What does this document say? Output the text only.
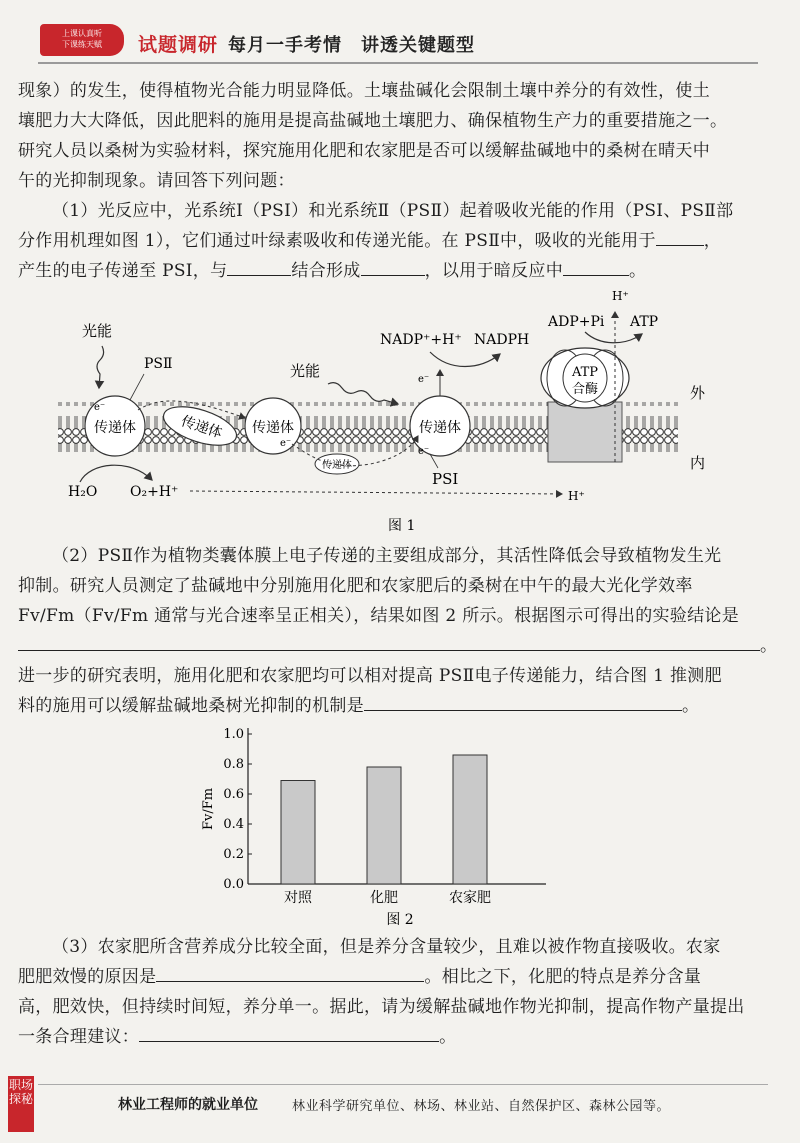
上课认真听
下课练天赋	试题调研 每月一手考情　讲透关键题型
现象）的发生，使得植物光合能力明显降低。土壤盐碱化会限制土壤中养分的有效性，使土
壤肥力大大降低，因此肥料的施用是提高盐碱地土壤肥力、确保植物生产力的重要措施之一。
研究人员以桑树为实验材料，探究施用化肥和农家肥是否可以缓解盐碱地中的桑树在晴天中
午的光抑制现象。请回答下列问题：
（1）光反应中，光系统Ⅰ（PSⅠ）和光系统Ⅱ（PSⅡ）起着吸收光能的作用（PSⅠ、PSⅡ部
分作用机理如图 1），它们通过叶绿素吸收和传递光能。在 PSⅡ中，吸收的光能用于	，
产生的电子传递至 PSⅠ，与	结合形成	，以用于暗反应中	。
传递体
e⁻
传递体 传递体
e⁻
传递体
传递体
e⁻
e⁻
ATP
合酶
光能
PSⅡ	光能
PSⅠ
NADP⁺+H⁺ NADPH
ADP+Pi ATP
H⁺
外
内
H₂O O₂+H⁺	H⁺
图 1
（2）PSⅡ作为植物类囊体膜上电子传递的主要组成部分，其活性降低会导致植物发生光
抑制。研究人员测定了盐碱地中分别施用化肥和农家肥后的桑树在中午的最大光化学效率
Fv/Fm（Fv/Fm 通常与光合速率呈正相关），结果如图 2 所示。根据图示可得出的实验结论是
。
进一步的研究表明，施用化肥和农家肥均可以相对提高 PSⅡ电子传递能力，结合图 1 推测肥
料的施用可以缓解盐碱地桑树光抑制的机制是	。
0.0
0.2
0.4
0.6
0.8
1.0
对照	化肥	农家肥
Fv/Fm
图 2
（3）农家肥所含营养成分比较全面，但是养分含量较少，且难以被作物直接吸收。农家
肥肥效慢的原因是	。相比之下，化肥的特点是养分含量
高，肥效快，但持续时间短，养分单一。据此，请为缓解盐碱地作物光抑制，提高作物产量提出
一条合理建议：	。
职场探秘	林业工程师的就业单位	林业科学研究单位、林场、林业站、自然保护区、森林公园等。
